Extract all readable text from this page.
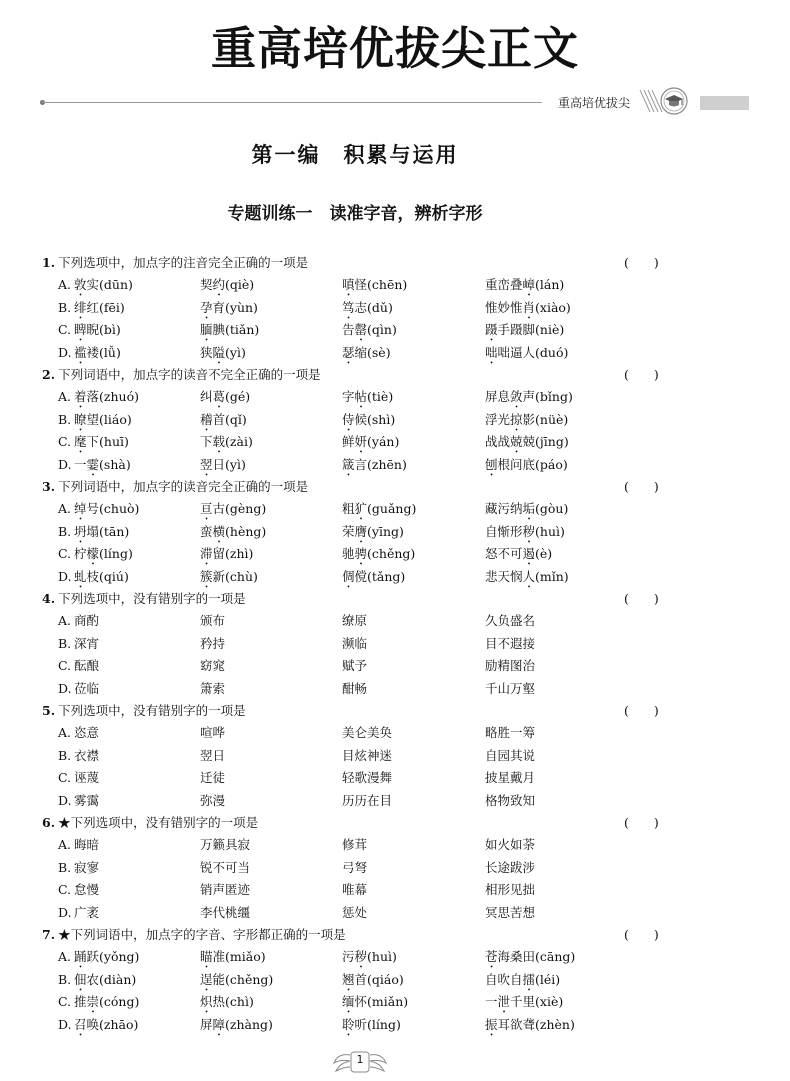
重高培优拔尖正文
重高培优拔尖
第一编　积累与运用
专题训练一　读准字音，辨析字形
1. 下列选项中，加点字的注音完全正确的一项是	(　　)
A. 敦实(dūn)	契约(qiè)	嗔怪(chēn)	重峦叠嶂(lán)
B. 绯红(fēi)	孕育(yùn)	笃志(dǔ)	惟妙惟肖(xiào)
C. 睥睨(bì)	腼腆(tiǎn)	告罄(qìn)	蹑手蹑脚(niè)
D. 褴褛(lǚ)	狭隘(yì)	瑟缩(sè)	咄咄逼人(duó)
2. 下列词语中，加点字的读音不完全正确的一项是	(　　)
A. 着落(zhuó)	纠葛(gé)	字帖(tiè)	屏息敛声(bǐng)
B. 瞭望(liáo)	稽首(qǐ)	侍候(shì)	浮光掠影(nüè)
C. 麾下(huī)	下载(zài)	鲜妍(yán)	战战兢兢(jīng)
D. 一霎(shà)	翌日(yì)	箴言(zhēn)	刨根问底(páo)
3. 下列词语中，加点字的读音完全正确的一项是	(　　)
A. 绰号(chuò)	亘古(gèng)	粗犷(guǎng)	藏污纳垢(gòu)
B. 坍塌(tān)	蛮横(hèng)	荣膺(yīng)	自惭形秽(huì)
C. 柠檬(líng)	滞留(zhì)	驰骋(chěng)	怒不可遏(è)
D. 虬枝(qiú)	簇新(chù)	倜傥(tǎng)	悲天悯人(mǐn)
4. 下列选项中，没有错别字的一项是	(　　)
A. 商酌	颁布	缭原	久负盛名
B. 深宵	矜持	濒临	目不遐接
C. 酝酿	窈窕	赋予	励精图治
D. 莅临	箫索	酣畅	千山万壑
5. 下列选项中，没有错别字的一项是	(　　)
A. 恣意	喧哗	美仑美奂	略胜一筹
B. 衣襟	翌日	目炫神迷	自园其说
C. 诬蔑	迁徒	轻歌漫舞	披星戴月
D. 雾霭	弥漫	历历在目	格物致知
6. ★下列选项中，没有错别字的一项是	(　　)
A. 晦暗	万籁具寂	修茸	如火如荼
B. 寂寥	锐不可当	弓弩	长途跋涉
C. 怠慢	销声匿迹	唯幕	相形见拙
D. 广袤	李代桃缰	惩处	冥思苦想
7. ★下列词语中，加点字的字音、字形都正确的一项是	(　　)
A. 踊跃(yǒng)	瞄准(miǎo)	污秽(huì)	苍海桑田(cāng)
B. 佃农(diàn)	逞能(chěng)	翘首(qiáo)	自吹自擂(léi)
C. 推崇(cóng)	炽热(chì)	缅怀(miǎn)	一泄千里(xiè)
D. 召唤(zhāo)	屏障(zhàng)	聆听(líng)	振耳欲聋(zhèn)
1
